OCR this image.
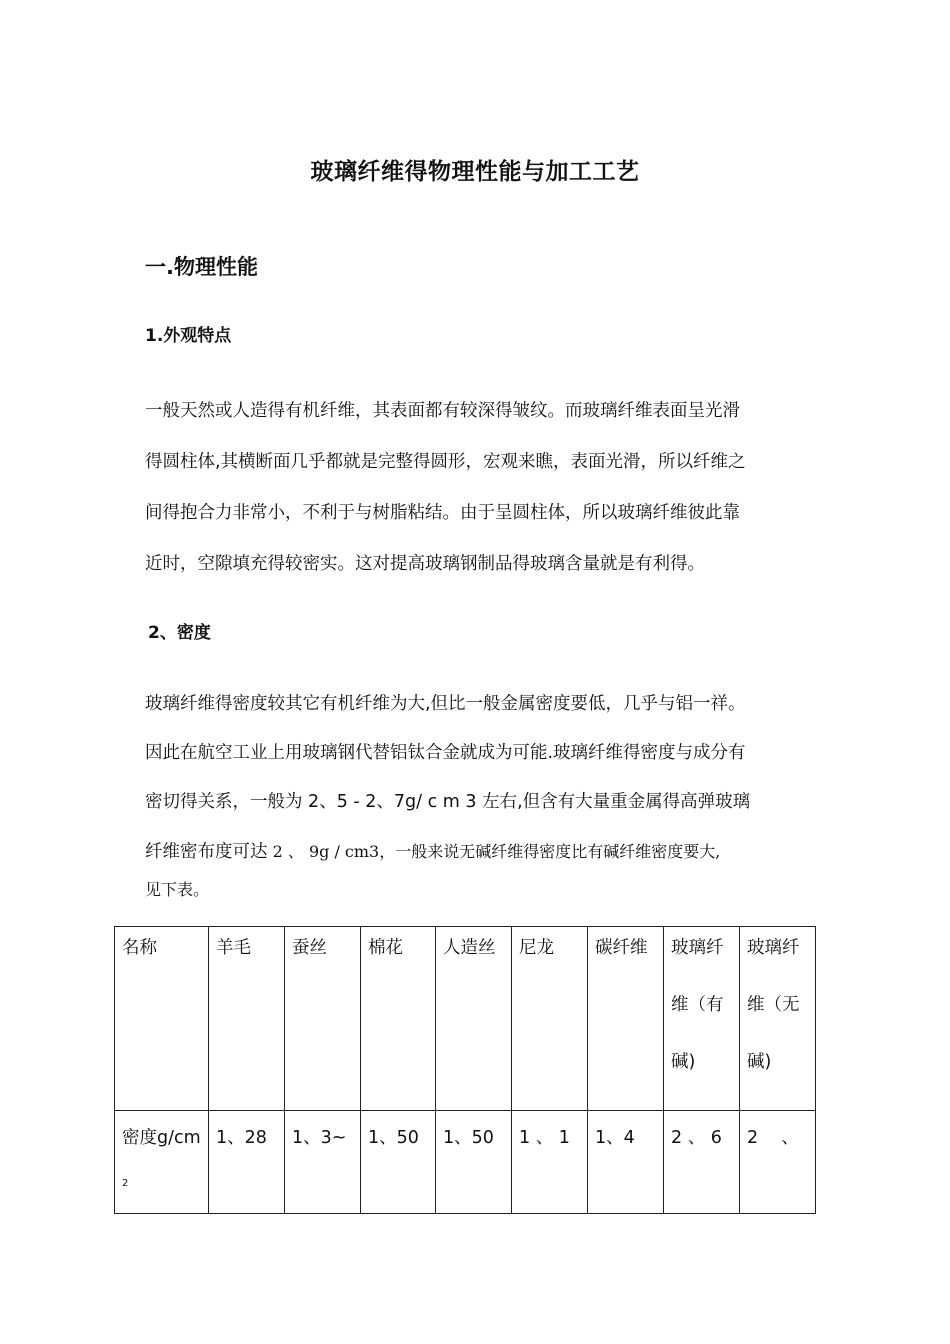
玻璃纤维得物理性能与加工工艺
一.物理性能
1.外观特点
一般天然或人造得有机纤维，其表面都有较深得皱纹。而玻璃纤维表面呈光滑
得圆柱体,其横断面几乎都就是完整得圆形，宏观来瞧，表面光滑，所以纤维之
间得抱合力非常小，不利于与树脂粘结。由于呈圆柱体，所以玻璃纤维彼此靠
近时，空隙填充得较密实。这对提高玻璃钢制品得玻璃含量就是有利得。
2、密度
玻璃纤维得密度较其它有机纤维为大,但比一般金属密度要低，几乎与铝一祥。
因此在航空工业上用玻璃钢代替铝钛合金就成为可能.玻璃纤维得密度与成分有
密切得关系，一般为 2、5 - 2、7g/ c m 3 左右,但含有大量重金属得高弹玻璃
纤维密布度可达 2 、 9g / cm3，一般来说无碱纤维得密度比有碱纤维密度要大,
见下表。
名称	羊毛	蚕丝	棉花	人造丝	尼龙	碳纤维	玻璃纤维（有碱)	玻璃纤维（无碱)

密度$g/cm^2$	1、28	1、3~	1、50	1、50	1 、 1	1、4	2 、 6	2　 、
